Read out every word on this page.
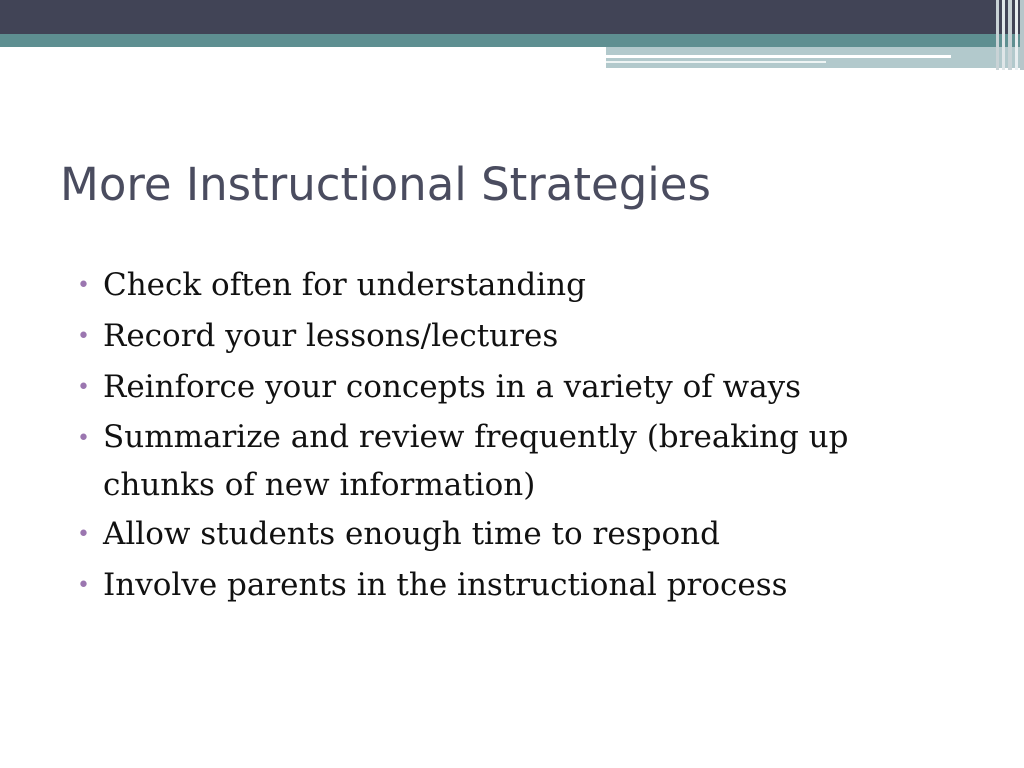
More Instructional Strategies
• Check often for understanding
• Record your lessons/lectures
• Reinforce your concepts in a variety of ways
• Summarize and review frequently (breaking up chunks of new information)
• Allow students enough time to respond
• Involve parents in the instructional process
